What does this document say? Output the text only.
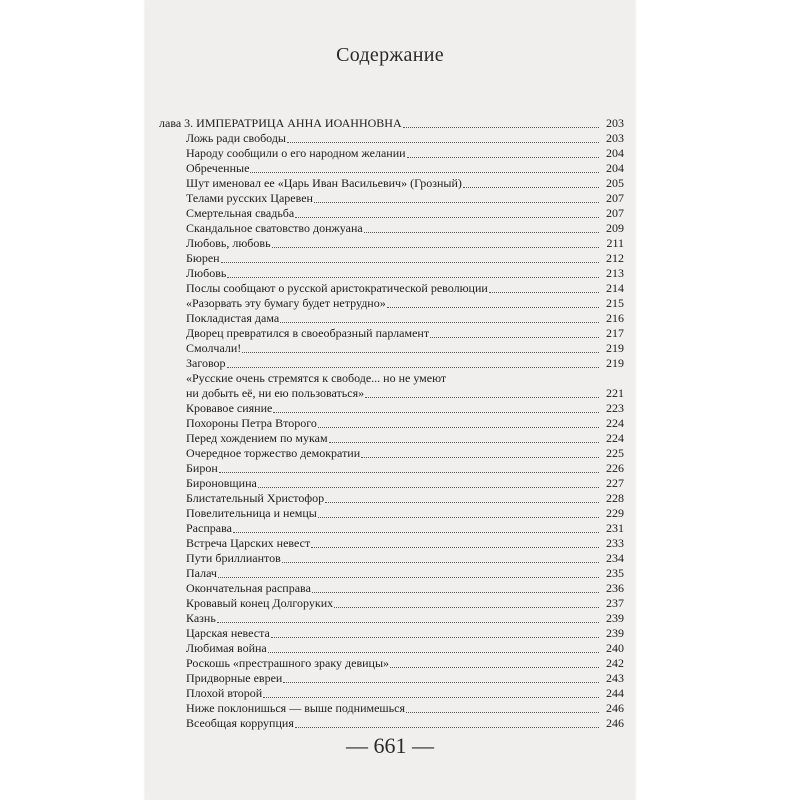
Содержание
лава 3. ИМПЕРАТРИЦА АННА ИОАННОВНА	203
Ложь ради свободы	203
Народу сообщили о его народном желании	204
Обреченные	204
Шут именовал ее «Царь Иван Васильевич» (Грозный)	205
Телами русских Царевен	207
Смертельная свадьба	207
Скандальное сватовство донжуана	209
Любовь, любовь	211
Бюрен	212
Любовь	213
Послы сообщают о русской аристократической революции	214
«Разорвать эту бумагу будет нетрудно»	215
Покладистая дама	216
Дворец превратился в своеобразный парламент	217
Смолчали!	219
Заговор	219
«Русские очень стремятся к свободе... но не умеют
ни добыть её, ни ею пользоваться»	221
Кровавое сияние	223
Похороны Петра Второго	224
Перед хождением по мукам	224
Очередное торжество демократии	225
Бирон	226
Бироновщина	227
Блистательный Христофор	228
Повелительница и немцы	229
Расправа	231
Встреча Царских невест	233
Пути бриллиантов	234
Палач	235
Окончательная расправа	236
Кровавый конец Долгоруких	237
Казнь	239
Царская невеста	239
Любимая война	240
Роскошь «престрашного зраку девицы»	242
Придворные евреи	243
Плохой второй	244
Ниже поклонишься — выше поднимешься	246
Всеобщая коррупция	246
— 661 —
